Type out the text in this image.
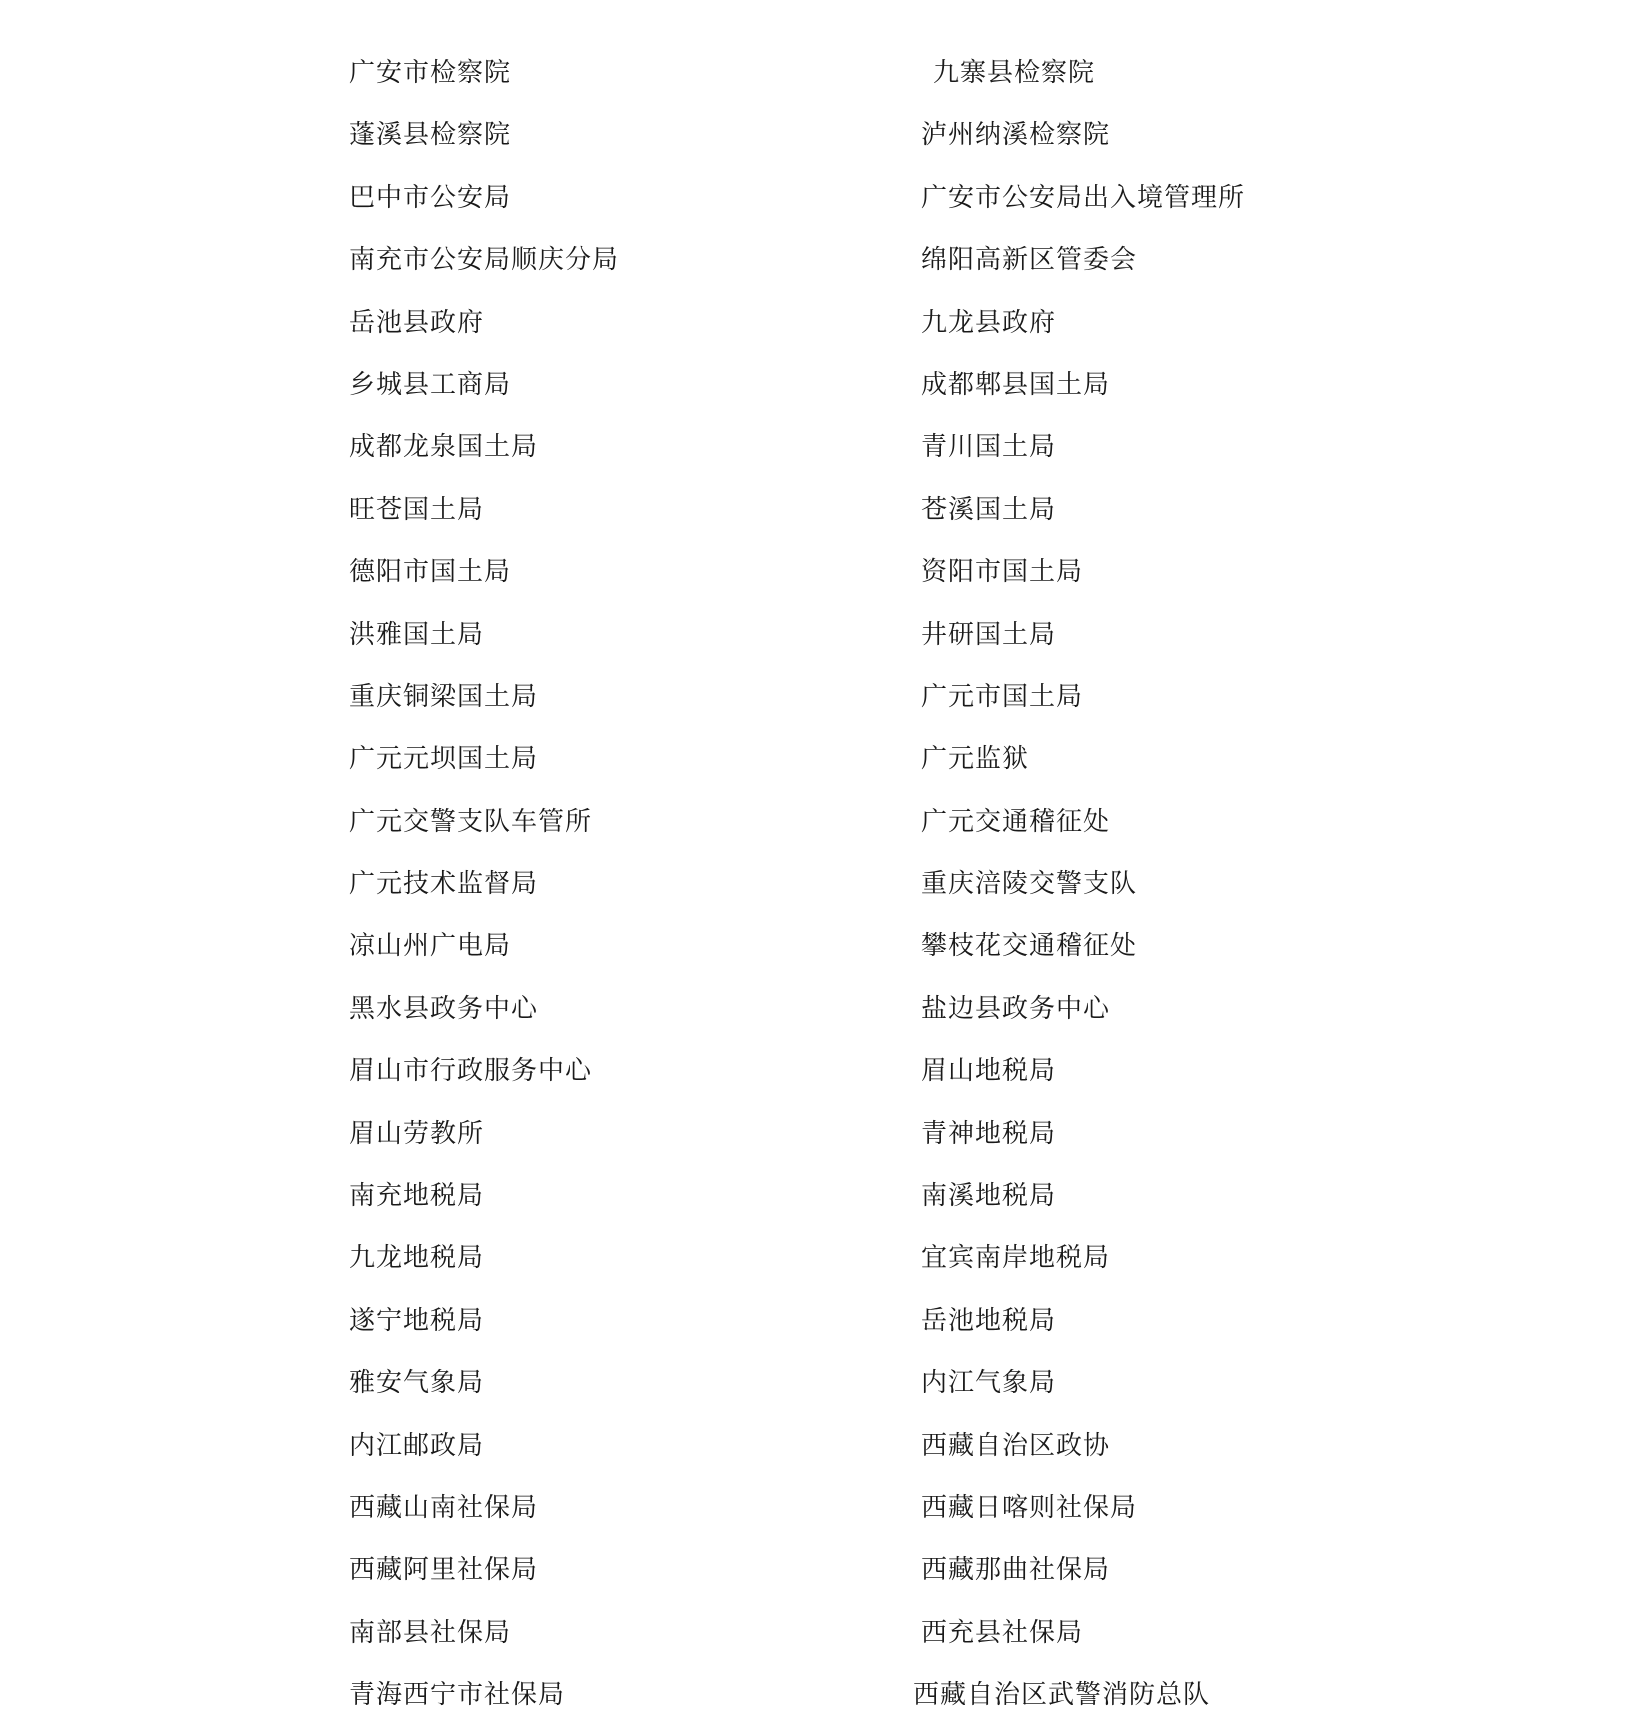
广安市检察院
蓬溪县检察院
巴中市公安局
南充市公安局顺庆分局
岳池县政府
乡城县工商局
成都龙泉国土局
旺苍国土局
德阳市国土局
洪雅国土局
重庆铜梁国土局
广元元坝国土局
广元交警支队车管所
广元技术监督局
凉山州广电局
黑水县政务中心
眉山市行政服务中心
眉山劳教所
南充地税局
九龙地税局
遂宁地税局
雅安气象局
内江邮政局
西藏山南社保局
西藏阿里社保局
南部县社保局
青海西宁市社保局
九寨县检察院
泸州纳溪检察院
广安市公安局出入境管理所
绵阳高新区管委会
九龙县政府
成都郫县国土局
青川国土局
苍溪国土局
资阳市国土局
井研国土局
广元市国土局
广元监狱
广元交通稽征处
重庆涪陵交警支队
攀枝花交通稽征处
盐边县政务中心
眉山地税局
青神地税局
南溪地税局
宜宾南岸地税局
岳池地税局
内江气象局
西藏自治区政协
西藏日喀则社保局
西藏那曲社保局
西充县社保局
西藏自治区武警消防总队
